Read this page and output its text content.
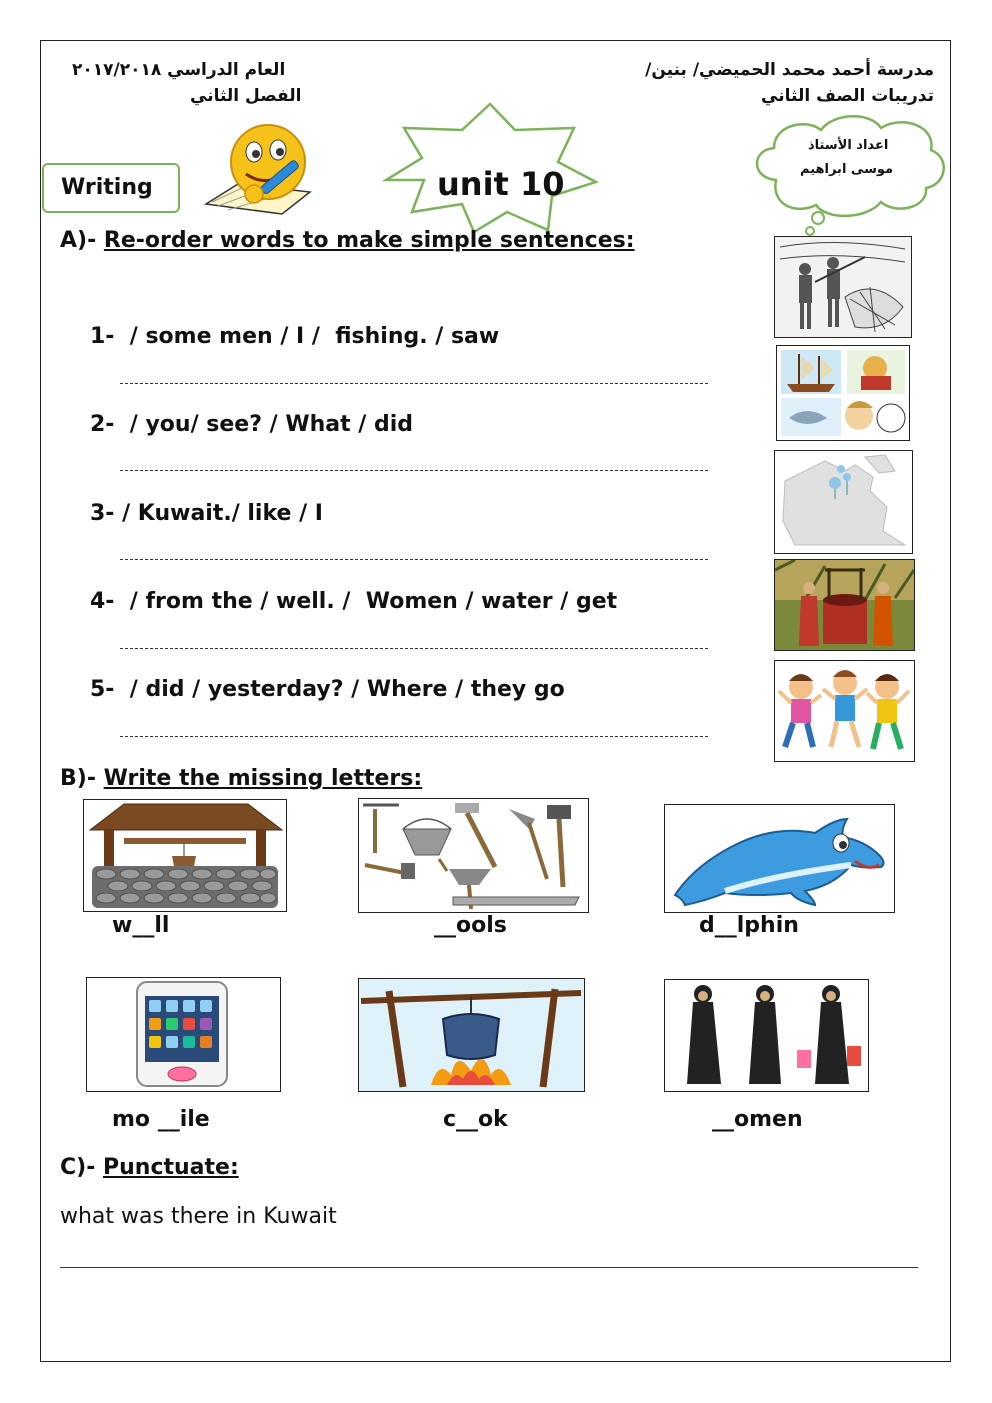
مدرسة أحمد محمد الحميضي/ بنين/
تدريبات الصف الثاني
العام الدراسي ٢٠١٧/٢٠١٨
الفصل الثاني
اعداد الأستاذ
موسى ابراهيم
Writing	unit 10
A)- Re-order words to make simple sentences:
1-  / some men / I /  fishing. / saw
2-  / you/ see? / What / did
3- / Kuwait./ like / I
4-  / from the / well. /  Women / water / get
5-  / did / yesterday? / Where / they go
B)- Write the missing letters:
w__ll	__ools	d__lphin
mo __ile	c__ok	__omen
C)- Punctuate:
what was there in Kuwait
